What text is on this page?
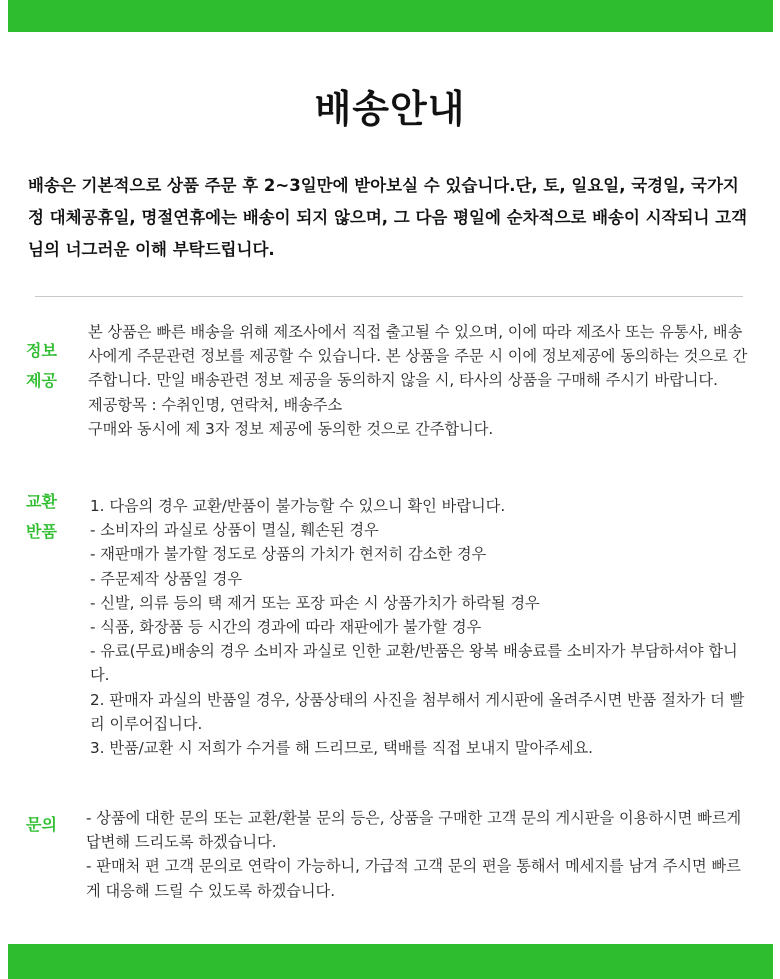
배송안내

배송은 기본적으로 상품 주문 후 2~3일만에 받아보실 수 있습니다.단, 토, 일요일, 국경일, 국가지정 대체공휴일, 명절연휴에는 배송이 되지 않으며, 그 다음 평일에 순차적으로 배송이 시작되니 고객님의 너그러운 이해 부탁드립니다.

정보
제공
본 상품은 빠른 배송을 위해 제조사에서 직접 출고될 수 있으며, 이에 따라 제조사 또는 유통사, 배송사에게 주문관련 정보를 제공할 수 있습니다. 본 상품을 주문 시 이에 정보제공에 동의하는 것으로 간주합니다. 만일 배송관련 정보 제공을 동의하지 않을 시, 타사의 상품을 구매해 주시기 바랍니다.
제공항목 : 수취인명, 연락처, 배송주소
구매와 동시에 제 3자 정보 제공에 동의한 것으로 간주합니다.
교환
반품
1. 다음의 경우 교환/반품이 불가능할 수 있으니 확인 바랍니다.
- 소비자의 과실로 상품이 멸실, 훼손된 경우
- 재판매가 불가할 정도로 상품의 가치가 현저히 감소한 경우
- 주문제작 상품일 경우
- 신발, 의류 등의 택 제거 또는 포장 파손 시 상품가치가 하락될 경우
- 식품, 화장품 등 시간의 경과에 따라 재판에가 불가할 경우
- 유료(무료)배송의 경우 소비자 과실로 인한 교환/반품은 왕복 배송료를 소비자가 부담하셔야 합니다.
2. 판매자 과실의 반품일 경우, 상품상태의 사진을 첨부해서 게시판에 올려주시면 반품 절차가 더 빨리 이루어집니다.
3. 반품/교환 시 저희가 수거를 해 드리므로, 택배를 직접 보내지 말아주세요.
문의	- 상품에 대한 문의 또는 교환/환불 문의 등은, 상품을 구매한 고객 문의 게시판을 이용하시면 빠르게 답변해 드리도록 하겠습니다.
- 판매처 편 고객 문의로 연락이 가능하니, 가급적 고객 문의 편을 통해서 메세지를 남겨 주시면 빠르게 대응해 드릴 수 있도록 하겠습니다.
